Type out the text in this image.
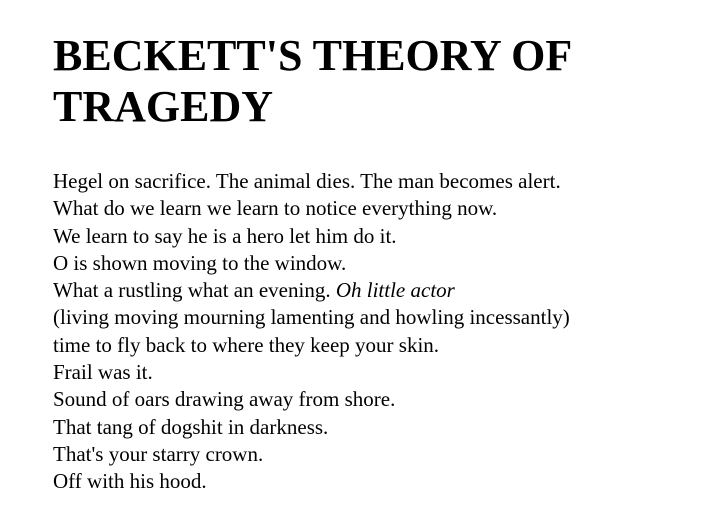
BECKETT'S THEORY OF TRAGEDY
Hegel on sacrifice. The animal dies. The man becomes alert.
What do we learn we learn to notice everything now.
We learn to say he is a hero let him do it.
O is shown moving to the window.
What a rustling what an evening. Oh little actor
(living moving mourning lamenting and howling incessantly)
time to fly back to where they keep your skin.
Frail was it.
Sound of oars drawing away from shore.
That tang of dogshit in darkness.
That's your starry crown.
Off with his hood.
